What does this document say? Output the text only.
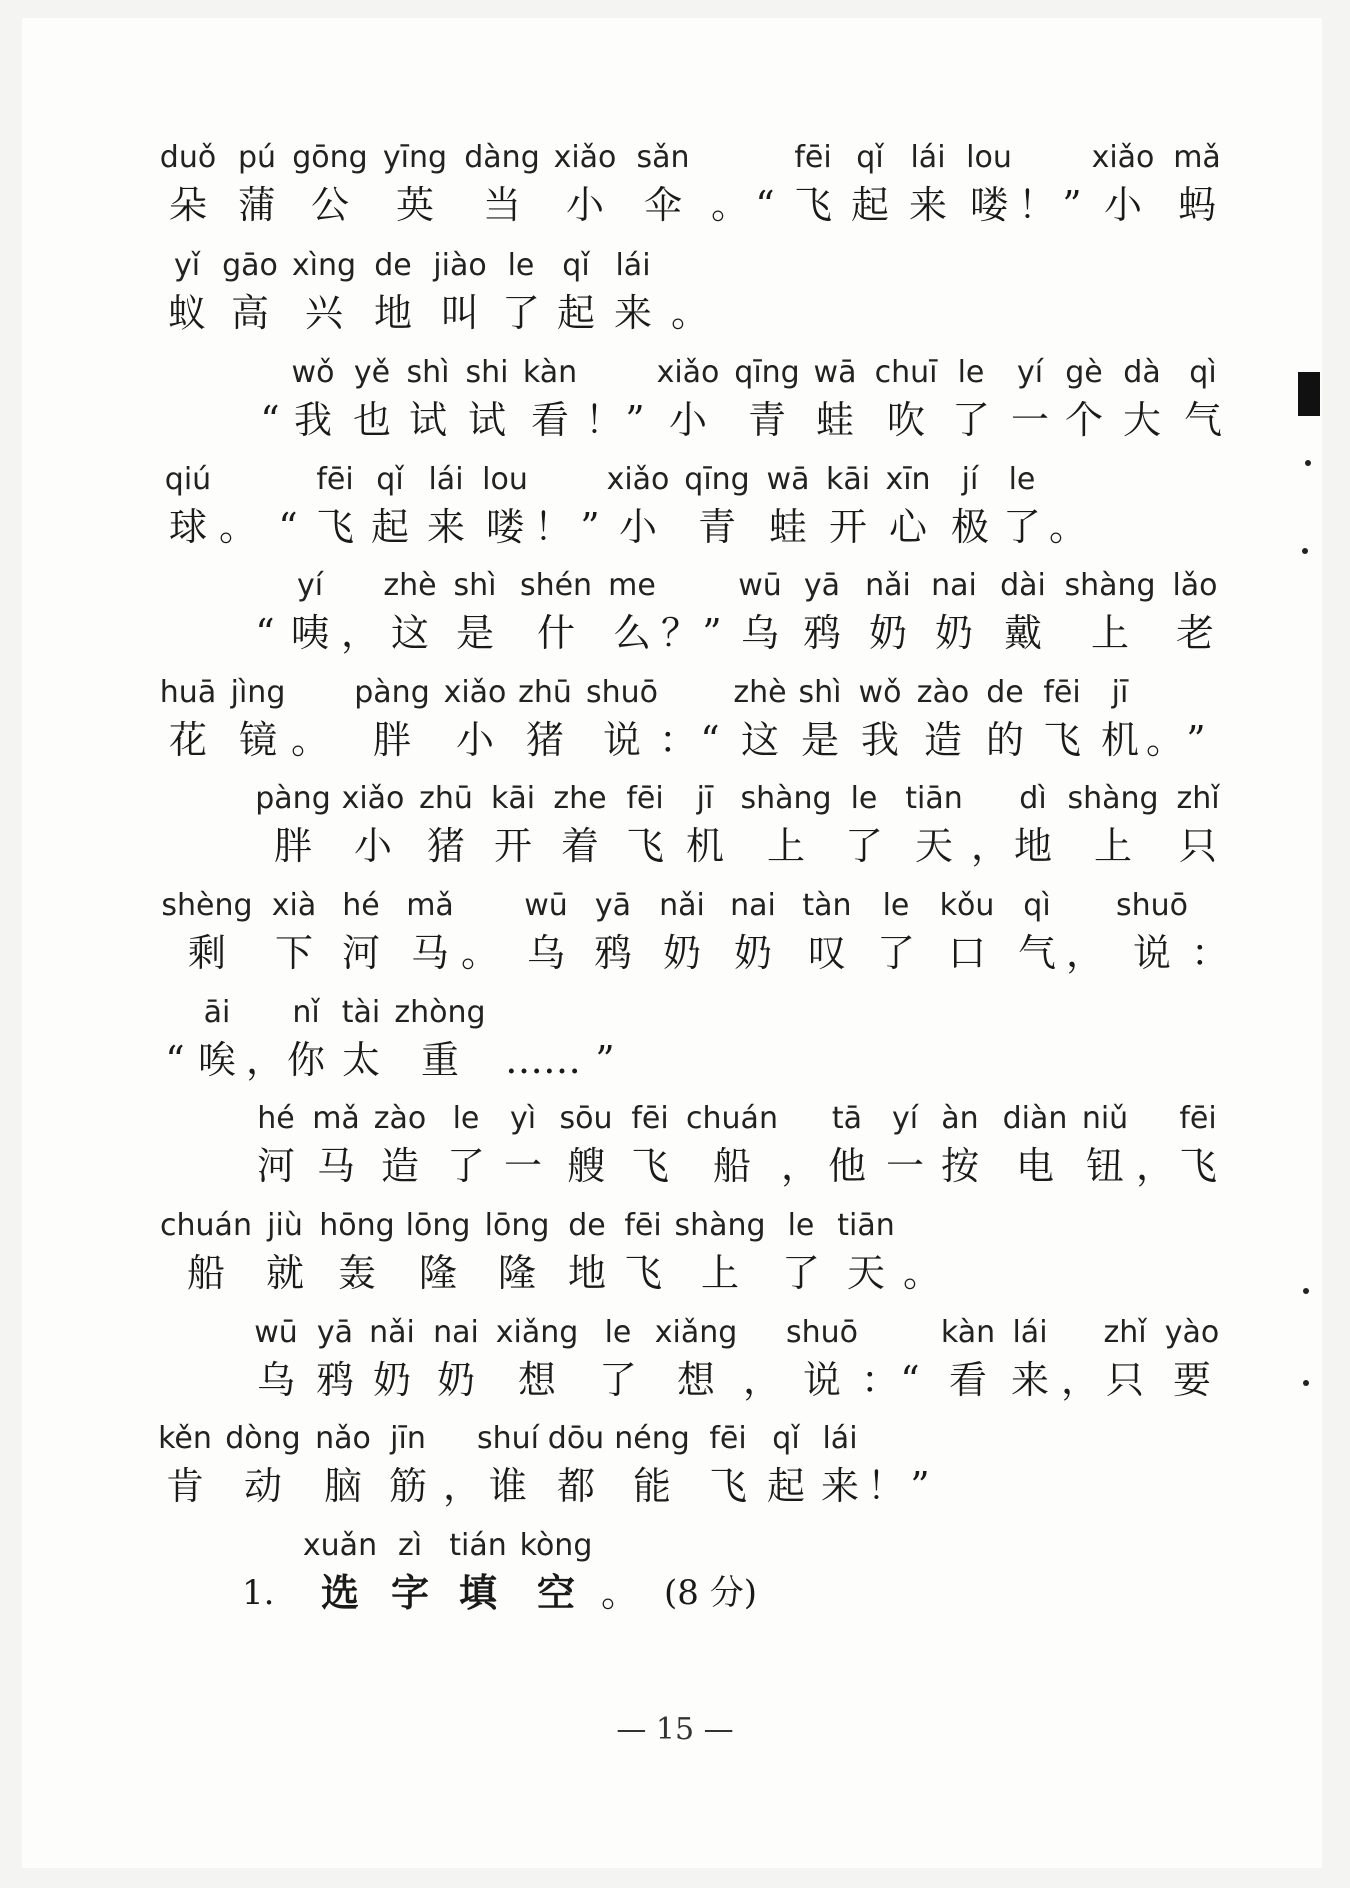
duǒ
朵
pú
蒲
gōng
公
yīng
英
dàng
当
xiǎo
小
sǎn
伞 。 “
fēi
飞
qǐ
起
lái
来
lou
喽 ！ ”
xiǎo
小
mǎ
蚂
yǐ
蚁
gāo
高
xìng
兴
de
地
jiào
叫
le
了
qǐ
起
lái
来 。
“
wǒ
我
yě
也
shì
试
shi
试
kàn
看 ！ ”
xiǎo
小
qīng
青
wā
蛙
chuī
吹
le
了
yí
一
gè
个
dà
大
qì
气
qiú
球 。 “
fēi
飞
qǐ
起
lái
来
lou
喽 ！ ”
xiǎo
小
qīng
青
wā
蛙
kāi
开
xīn
心
jí
极
le
了 。
“
yí
咦 ，
zhè
这
shì
是
shén
什
me
么 ？ ”
wū
乌
yā
鸦
nǎi
奶
nai
奶
dài
戴
shàng
上
lǎo
老
huā
花
jìng
镜 。
pàng
胖
xiǎo
小
zhū
猪
shuō
说 ： “
zhè
这
shì
是
wǒ
我
zào
造
de
的
fēi
飞
jī
机 。 ”
pàng
胖
xiǎo
小
zhū
猪
kāi
开
zhe
着
fēi
飞
jī
机
shàng
上
le
了
tiān
天 ，
dì
地
shàng
上
zhǐ
只
shèng
剩
xià
下
hé
河
mǎ
马 。
wū
乌
yā
鸦
nǎi
奶
nai
奶
tàn
叹
le
了
kǒu
口
qì
气 ，
shuō
说 ：
“
āi
唉 ，
nǐ
你
tài
太
zhòng
重 …… ”
hé
河
mǎ
马
zào
造
le
了
yì
一
sōu
艘
fēi
飞
chuán
船 ，
tā
他
yí
一
àn
按
diàn
电
niǔ
钮 ，
fēi
飞
chuán
船
jiù
就
hōng
轰
lōng
隆
lōng
隆
de
地
fēi
飞
shàng
上
le
了
tiān
天 。
wū
乌
yā
鸦
nǎi
奶
nai
奶
xiǎng
想
le
了
xiǎng
想 ，
shuō
说 ： “
kàn
看
lái
来 ，
zhǐ
只
yào
要
kěn
肯
dòng
动
nǎo
脑
jīn
筋 ，
shuí
谁
dōu
都
néng
能
fēi
飞
qǐ
起
lái
来 ！ ”
1.	。 (8 分)
xuǎn
选
zì
字
tián
填
kòng
空
— 15 —
